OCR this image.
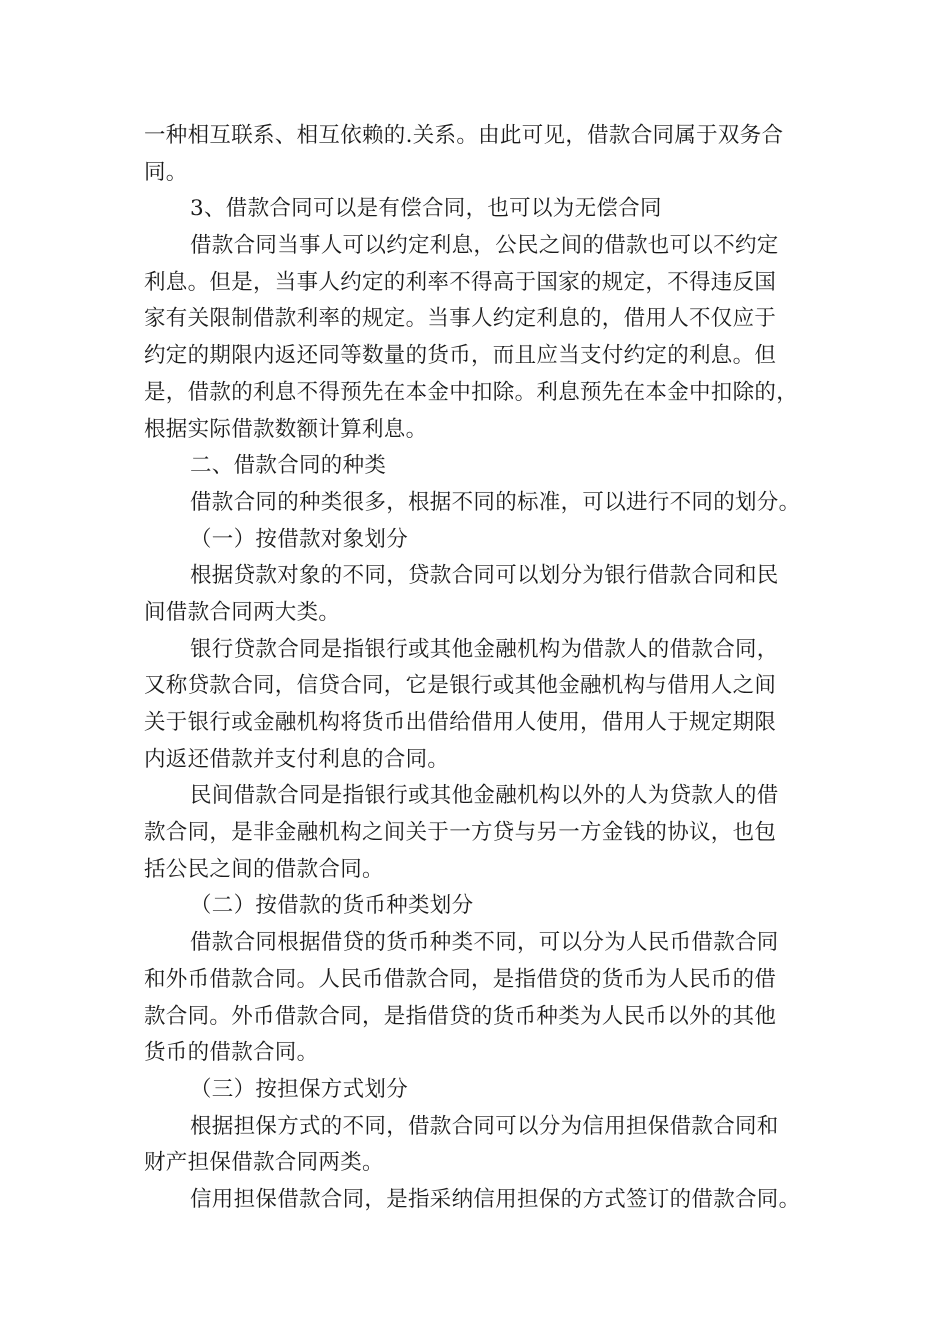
一种相互联系、相互依赖的.关系。由此可见，借款合同属于双务合
同。
3、借款合同可以是有偿合同，也可以为无偿合同
借款合同当事人可以约定利息，公民之间的借款也可以不约定
利息。但是，当事人约定的利率不得高于国家的规定，不得违反国
家有关限制借款利率的规定。当事人约定利息的，借用人不仅应于
约定的期限内返还同等数量的货币，而且应当支付约定的利息。但
是，借款的利息不得预先在本金中扣除。利息预先在本金中扣除的，
根据实际借款数额计算利息。
二、借款合同的种类
借款合同的种类很多，根据不同的标准，可以进行不同的划分。
（一）按借款对象划分
根据贷款对象的不同，贷款合同可以划分为银行借款合同和民
间借款合同两大类。
银行贷款合同是指银行或其他金融机构为借款人的借款合同，
又称贷款合同，信贷合同，它是银行或其他金融机构与借用人之间
关于银行或金融机构将货币出借给借用人使用，借用人于规定期限
内返还借款并支付利息的合同。
民间借款合同是指银行或其他金融机构以外的人为贷款人的借
款合同，是非金融机构之间关于一方贷与另一方金钱的协议，也包
括公民之间的借款合同。
（二）按借款的货币种类划分
借款合同根据借贷的货币种类不同，可以分为人民币借款合同
和外币借款合同。人民币借款合同，是指借贷的货币为人民币的借
款合同。外币借款合同，是指借贷的货币种类为人民币以外的其他
货币的借款合同。
（三）按担保方式划分
根据担保方式的不同，借款合同可以分为信用担保借款合同和
财产担保借款合同两类。
信用担保借款合同，是指采纳信用担保的方式签订的借款合同。
